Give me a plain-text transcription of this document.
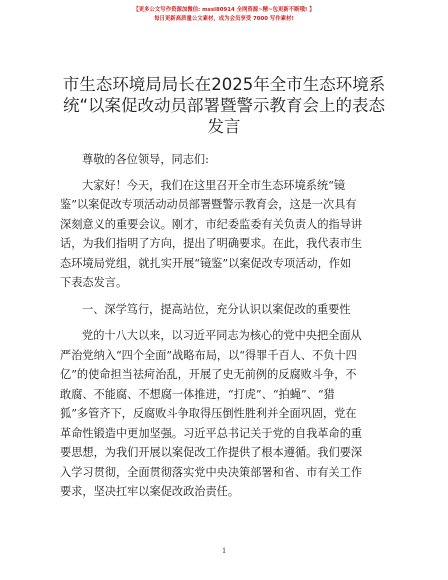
【更多公文写作资源加微信: mssl80914 全网资源~精~包更新不断哦! 】
每日更新高质量公文素材，成为会员享受 7000 写作素材!
市生态环境局局长在2025年全市生态环境系
统“以案促改动员部署暨警示教育会上的表态
发言

尊敬的各位领导，同志们:

大家好！今天，我们在这里召开全市生态环境系统“镜
鉴”以案促改专项活动动员部署暨警示教育会，这是一次具有
深刻意义的重要会议。刚才，市纪委监委有关负责人的指导讲
话，为我们指明了方向，提出了明确要求。在此，我代表市生
态环境局党组，就扎实开展“镜鉴”以案促改专项活动，作如
下表态发言。

一、深学笃行，提高站位，充分认识以案促改的重要性

党的十八大以来，以习近平同志为核心的党中央把全面从
严治党纳入“四个全面”战略布局，以“得罪千百人、不负十四
亿”的使命担当祛疴治乱，开展了史无前例的反腐败斗争，不
敢腐、不能腐、不想腐一体推进，“打虎”、“拍蝇”、“猎
狐”多管齐下，反腐败斗争取得压倒性胜利并全面巩固，党在
革命性锻造中更加坚强。习近平总书记关于党的自我革命的重
要思想，为我们开展以案促改工作提供了根本遵循。我们要深
入学习贯彻，全面贯彻落实党中央决策部署和省、市有关工作
要求，坚决扛牢以案促改政治责任。

1
